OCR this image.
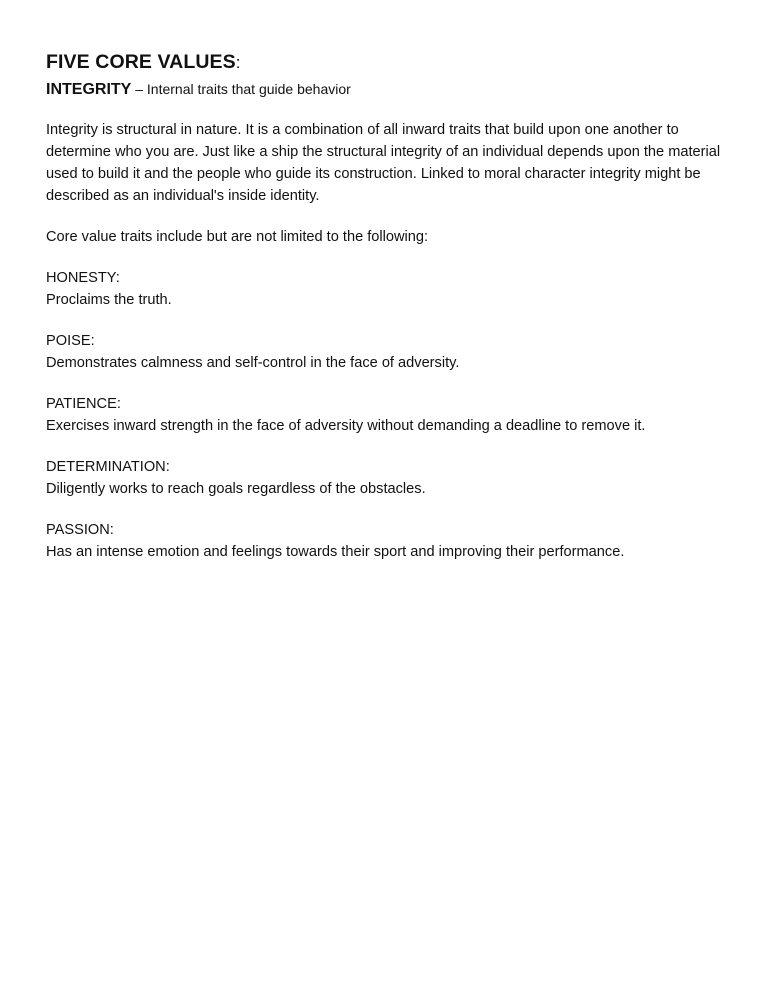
FIVE CORE VALUES:

INTEGRITY – Internal traits that guide behavior

Integrity is structural in nature. It is a combination of all inward traits that build upon one another to determine who you are. Just like a ship the structural integrity of an individual depends upon the material used to build it and the people who guide its construction. Linked to moral character integrity might be described as an individual's inside identity.

Core value traits include but are not limited to the following:

HONESTY:
Proclaims the truth.
POISE:
Demonstrates calmness and self-control in the face of adversity.
PATIENCE:
Exercises inward strength in the face of adversity without demanding a deadline to remove it.
DETERMINATION:
Diligently works to reach goals regardless of the obstacles.
PASSION:
Has an intense emotion and feelings towards their sport and improving their performance.
